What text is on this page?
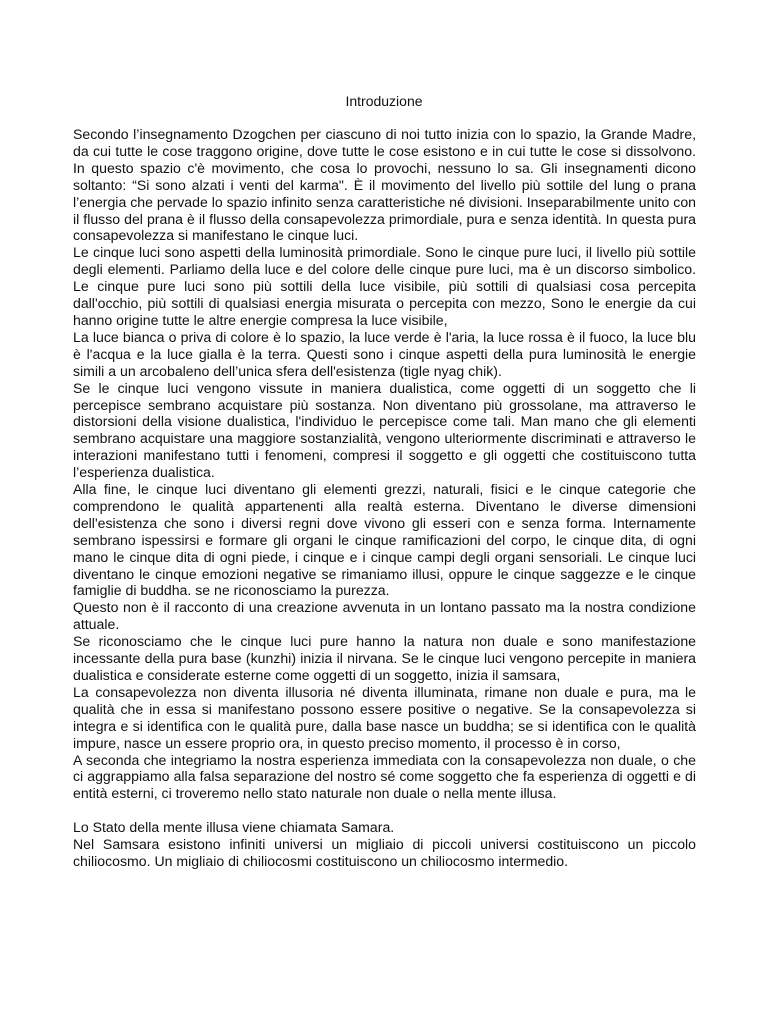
Introduzione

Secondo l’insegnamento Dzogchen per ciascuno di noi tutto inizia con lo spazio, la Grande Madre, da cui tutte le cose traggono origine, dove tutte le cose esistono e in cui tutte le cose si dissolvono. In questo spazio c'è movimento, che cosa lo provochi, nessuno lo sa. Gli insegnamenti dicono soltanto: “Si sono alzati i venti del karma". È il movimento del livello più sottile del lung o prana l’energia che pervade lo spazio infinito senza caratteristiche né divisioni. Inseparabilmente unito con il flusso del prana è il flusso della consapevolezza primordiale, pura e senza identità. In questa pura consapevolezza si manifestano le cinque luci.

Le cinque luci sono aspetti della luminosità primordiale. Sono le cinque pure luci, il livello più sottile degli elementi. Parliamo della luce e del colore delle cinque pure luci, ma è un discorso simbolico. Le cinque pure luci sono più sottili della luce visibile, più sottili di qualsiasi cosa percepita dall'occhio, più sottili di qualsiasi energia misurata o percepita con mezzo, Sono le energie da cui hanno origine tutte le altre energie compresa la luce visibile,

La luce bianca o priva di colore è lo spazio, la luce verde è l'aria, la luce rossa è il fuoco, la luce blu è l'acqua e la luce gialla è la terra. Questi sono i cinque aspetti della pura luminosità le energie simili a un arcobaleno dell’unica sfera dell'esistenza (tigle nyag chik).

Se le cinque luci vengono vissute in maniera dualistica, come oggetti di un soggetto che li percepisce sembrano acquistare più sostanza. Non diventano più grossolane, ma attraverso le distorsioni della visione dualistica, l'individuo le percepisce come tali. Man mano che gli elementi sembrano acquistare una maggiore sostanzialità, vengono ulteriormente discriminati e attraverso le interazioni manifestano tutti i fenomeni, compresi il soggetto e gli oggetti che costituiscono tutta l’esperienza dualistica.

Alla fine, le cinque luci diventano gli elementi grezzi, naturali, fisici e le cinque categorie che comprendono le qualità appartenenti alla realtà esterna. Diventano le diverse dimensioni dell'esistenza che sono i diversi regni dove vivono gli esseri con e senza forma. Internamente sembrano ispessirsi e formare gli organi le cinque ramificazioni del corpo, le cinque dita, di ogni mano le cinque dita di ogni piede, i cinque e i cinque campi degli organi sensoriali. Le cinque luci diventano le cinque emozioni negative se rimaniamo illusi, oppure le cinque saggezze e le cinque famiglie di buddha. se ne riconosciamo la purezza.

Questo non è il racconto di una creazione avvenuta in un lontano passato ma la nostra condizione attuale.

Se riconosciamo che le cinque luci pure hanno la natura non duale e sono manifestazione incessante della pura base (kunzhi) inizia il nirvana. Se le cinque luci vengono percepite in maniera dualistica e considerate esterne come oggetti di un soggetto, inizia il samsara,

La consapevolezza non diventa illusoria né diventa illuminata, rimane non duale e pura, ma le qualità che in essa si manifestano possono essere positive o negative. Se la consapevolezza si integra e si identifica con le qualità pure, dalla base nasce un buddha; se si identifica con le qualità impure, nasce un essere proprio ora, in questo preciso momento, il processo è in corso,

A seconda che integriamo la nostra esperienza immediata con la consapevolezza non duale, o che ci aggrappiamo alla falsa separazione del nostro sé come soggetto che fa esperienza di oggetti e di entità esterni, ci troveremo nello stato naturale non duale o nella mente illusa.

Lo Stato della mente illusa viene chiamata Samara.

Nel Samsara esistono infiniti universi un migliaio di piccoli universi costituiscono un piccolo chiliocosmo. Un migliaio di chiliocosmi costituiscono un chiliocosmo intermedio.
